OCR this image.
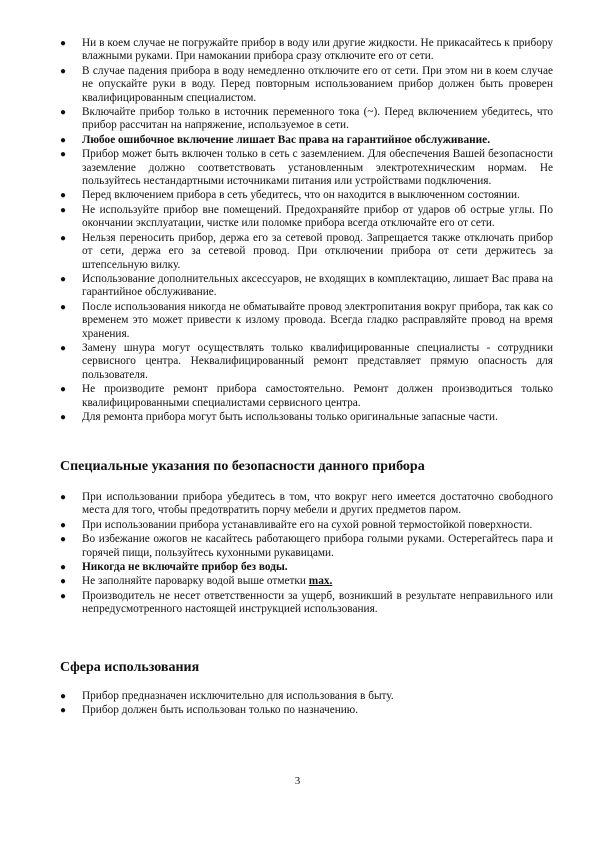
● Ни в коем случае не погружайте прибор в воду или другие жидкости. Не прикасайтесь к прибору влажными руками. При намокании прибора сразу отключите его от сети.
● В случае падения прибора в воду немедленно отключите его от сети. При этом ни в коем случае не опускайте руки в воду. Перед повторным использованием прибор должен быть проверен квалифицированным специалистом.
● Включайте прибор только в источник переменного тока (~). Перед включением убедитесь, что прибор рассчитан на напряжение, используемое в сети.
● Любое ошибочное включение лишает Вас права на гарантийное обслуживание.
● Прибор может быть включен только в сеть с заземлением. Для обеспечения Вашей безопасности заземление должно соответствовать установленным электротехническим нормам. Не пользуйтесь нестандартными источниками питания или устройствами подключения.
● Перед включением прибора в сеть убедитесь, что он находится в выключенном состоянии.
● Не используйте прибор вне помещений. Предохраняйте прибор от ударов об острые углы. По окончании эксплуатации, чистке или поломке прибора всегда отключайте его от сети.
● Нельзя переносить прибор, держа его за сетевой провод. Запрещается также отключать прибор от сети, держа его за сетевой провод. При отключении прибора от сети держитесь за штепсельную вилку.
● Использование дополнительных аксессуаров, не входящих в комплектацию, лишает Вас права на гарантийное обслуживание.
● После использования никогда не обматывайте провод электропитания вокруг прибора, так как со временем это может привести к излому провода. Всегда гладко расправляйте провод на время хранения.
● Замену шнура могут осуществлять только квалифицированные специалисты - сотрудники сервисного центра. Неквалифицированный ремонт представляет прямую опасность для пользователя.
● Не производите ремонт прибора самостоятельно. Ремонт должен производиться только квалифицированными специалистами сервисного центра.
● Для ремонта прибора могут быть использованы только оригинальные запасные части.
Специальные указания по безопасности данного прибора
● При использовании прибора убедитесь в том, что вокруг него имеется достаточно свободного места для того, чтобы предотвратить порчу мебели и других предметов паром.
● При использовании прибора устанавливайте его на сухой ровной термостойкой поверхности.
● Во избежание ожогов не касайтесь работающего прибора голыми руками. Остерегайтесь пара и горячей пищи, пользуйтесь кухонными рукавицами.
● Никогда не включайте прибор без воды.
● Не заполняйте пароварку водой выше отметки max.
● Производитель не несет ответственности за ущерб, возникший в результате неправильного или непредусмотренного настоящей инструкцией использования.
Сфера использования
● Прибор предназначен исключительно для использования в быту.
● Прибор должен быть использован только по назначению.
3
